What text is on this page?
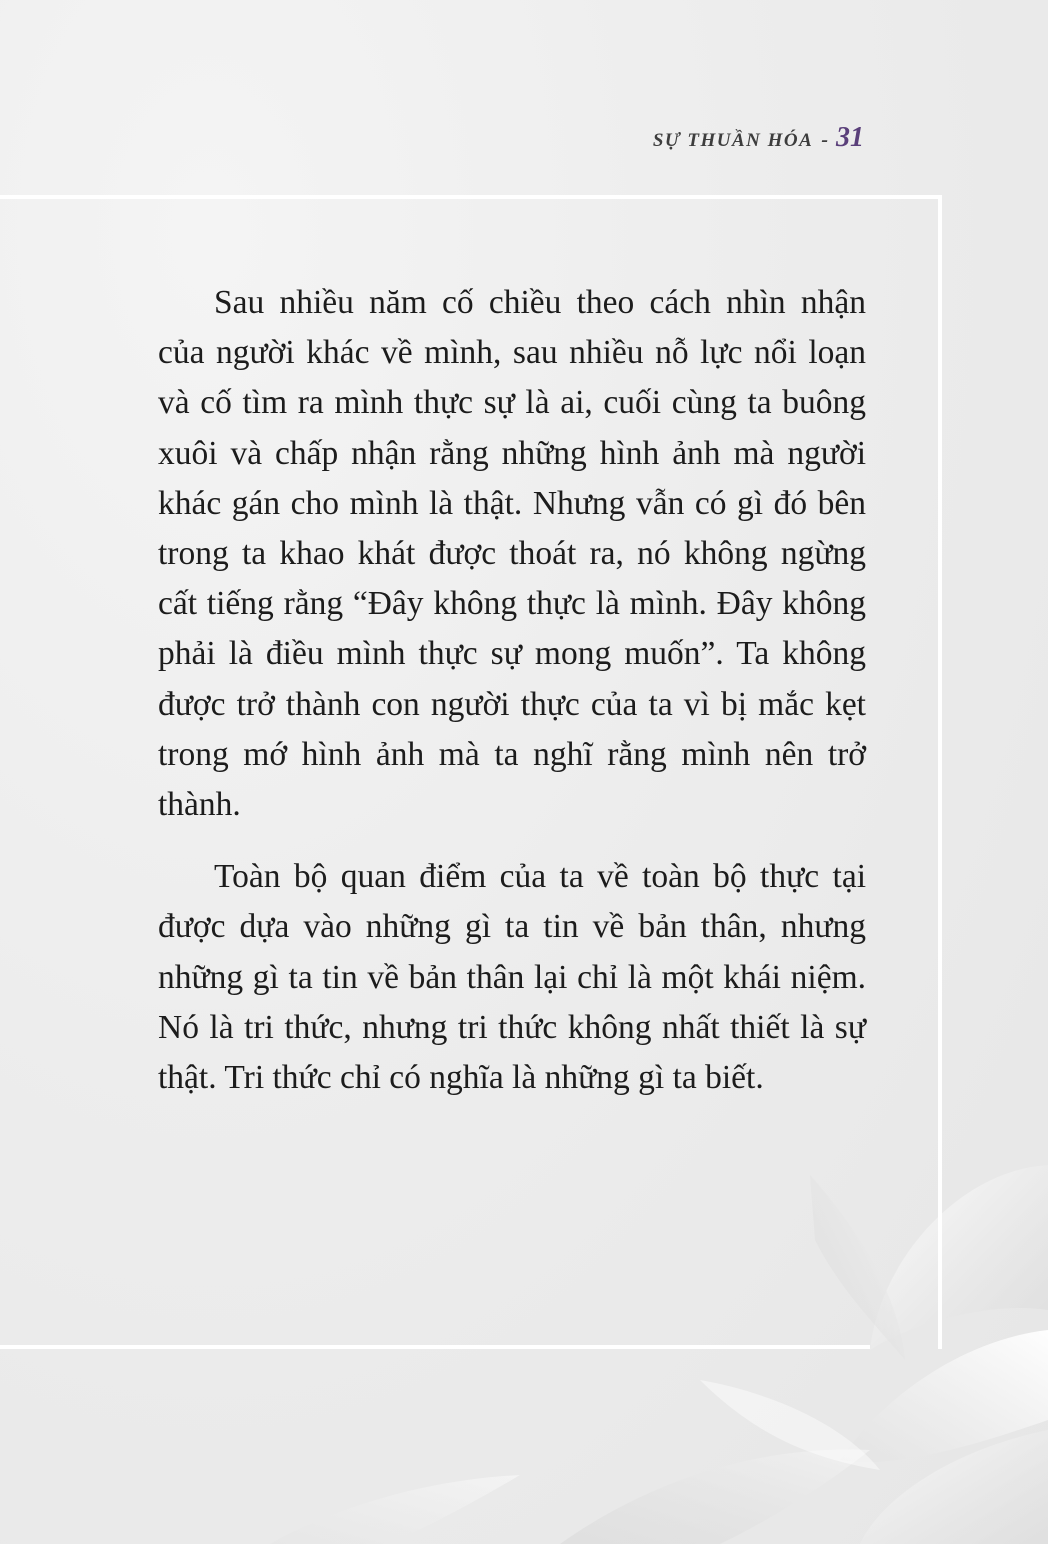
SỰ THUẦN HÓA - 31

Sau nhiều năm cố chiều theo cách nhìn nhận của người khác về mình, sau nhiều nỗ lực nổi loạn và cố tìm ra mình thực sự là ai, cuối cùng ta buông xuôi và chấp nhận rằng những hình ảnh mà người khác gán cho mình là thật. Nhưng vẫn có gì đó bên trong ta khao khát được thoát ra, nó không ngừng cất tiếng rằng “Đây không thực là mình. Đây không phải là điều mình thực sự mong muốn”. Ta không được trở thành con người thực của ta vì bị mắc kẹt trong mớ hình ảnh mà ta nghĩ rằng mình nên trở thành.

Toàn bộ quan điểm của ta về toàn bộ thực tại được dựa vào những gì ta tin về bản thân, nhưng những gì ta tin về bản thân lại chỉ là một khái niệm. Nó là tri thức, nhưng tri thức không nhất thiết là sự thật. Tri thức chỉ có nghĩa là những gì ta biết.
